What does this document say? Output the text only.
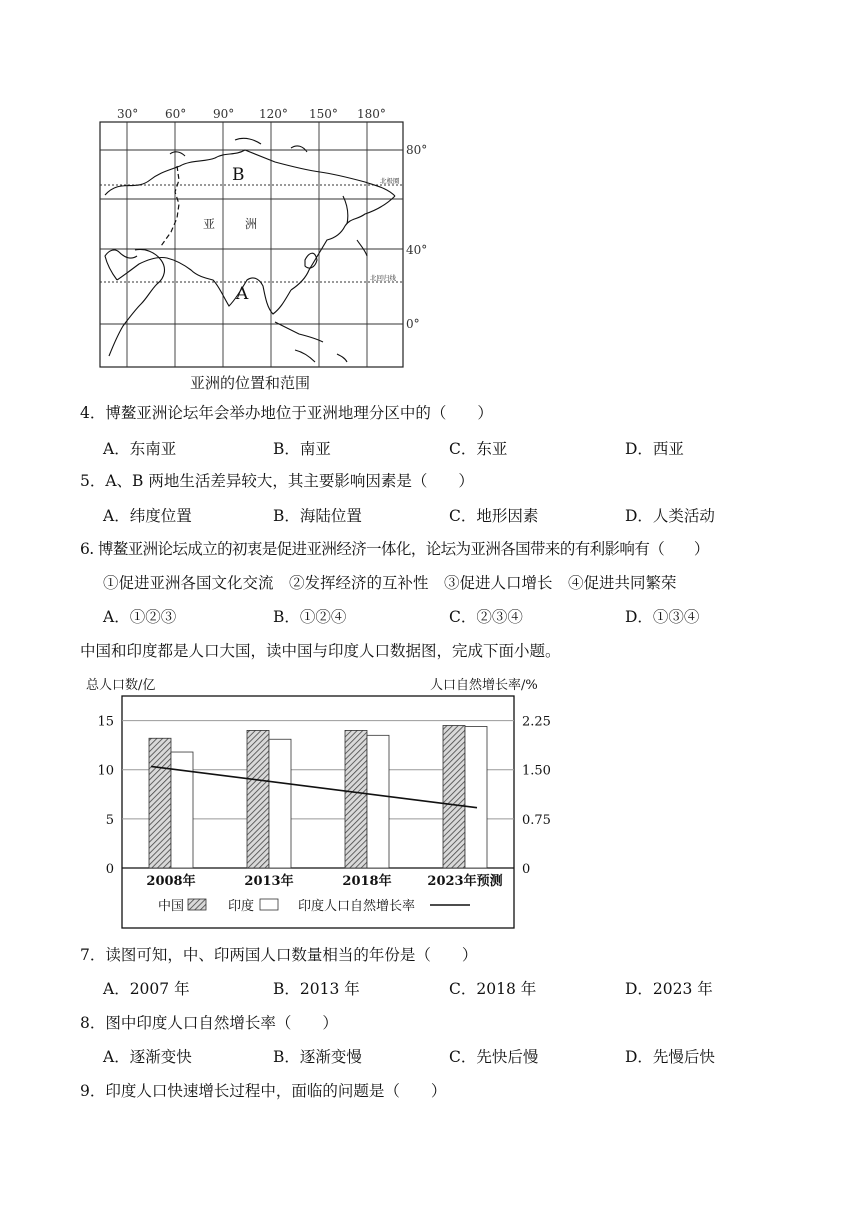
30° 60° 90° 120° 150° 180°
80°
40°
0°
B
A
亚 洲
北极圈
北回归线
亚洲的位置和范围
4．博鳌亚洲论坛年会举办地位于亚洲地理分区中的（　　）
A．东南亚	B．南亚	C．东亚	D．西亚
5．A、B 两地生活差异较大，其主要影响因素是（　　）
A．纬度位置	B．海陆位置	C．地形因素	D．人类活动
6. 博鳌亚洲论坛成立的初衷是促进亚洲经济一体化，论坛为亚洲各国带来的有利影响有（　　）
①促进亚洲各国文化交流　②发挥经济的互补性　③促进人口增长　④促进共同繁荣
A．①②③	B．①②④	C．②③④	D．①③④
中国和印度都是人口大国，读中国与印度人口数据图，完成下面小题。
总人口数/亿	人口自然增长率/%
0	0
5	0.75
10	1.50
15	2.25
2008年	2013年	2018年	2023年预测
中国	印度	印度人口自然增长率
7．读图可知，中、印两国人口数量相当的年份是（　　）
A．2007 年	B．2013 年	C．2018 年	D．2023 年
8．图中印度人口自然增长率（　　）
A．逐渐变快	B．逐渐变慢	C．先快后慢	D．先慢后快
9．印度人口快速增长过程中，面临的问题是（　　）
